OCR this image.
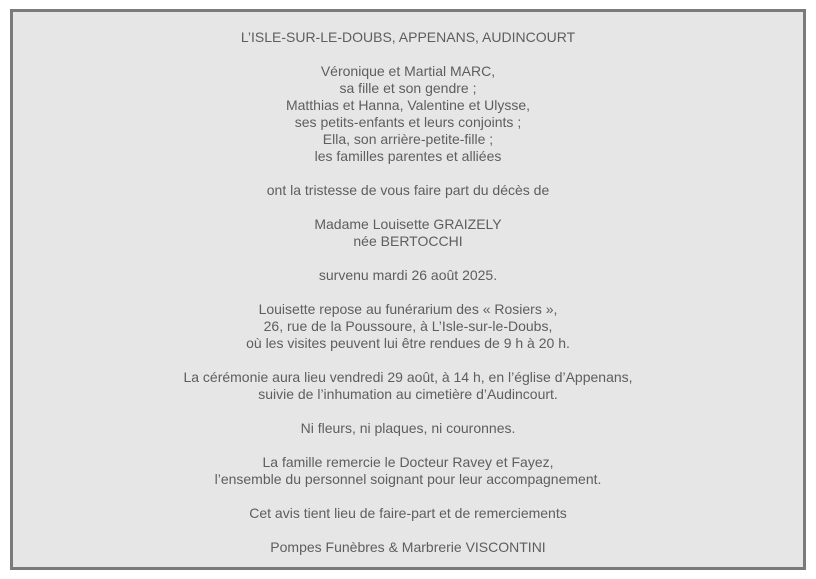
L’ISLE-SUR-LE-DOUBS, APPENANS, AUDINCOURT

Véronique et Martial MARC,
sa fille et son gendre ;
Matthias et Hanna, Valentine et Ulysse,
ses petits-enfants et leurs conjoints ;
Ella, son arrière-petite-fille ;
les familles parentes et alliées

ont la tristesse de vous faire part du décès de

Madame Louisette GRAIZELY
née BERTOCCHI

survenu mardi 26 août 2025.

Louisette repose au funérarium des « Rosiers »,
26, rue de la Poussoure, à L’Isle-sur-le-Doubs,
où les visites peuvent lui être rendues de 9 h à 20 h.

La cérémonie aura lieu vendredi 29 août, à 14 h, en l’église d’Appenans,
suivie de l’inhumation au cimetière d’Audincourt.

Ni fleurs, ni plaques, ni couronnes.

La famille remercie le Docteur Ravey et Fayez,
l’ensemble du personnel soignant pour leur accompagnement.

Cet avis tient lieu de faire-part et de remerciements

Pompes Funèbres & Marbrerie VISCONTINI
